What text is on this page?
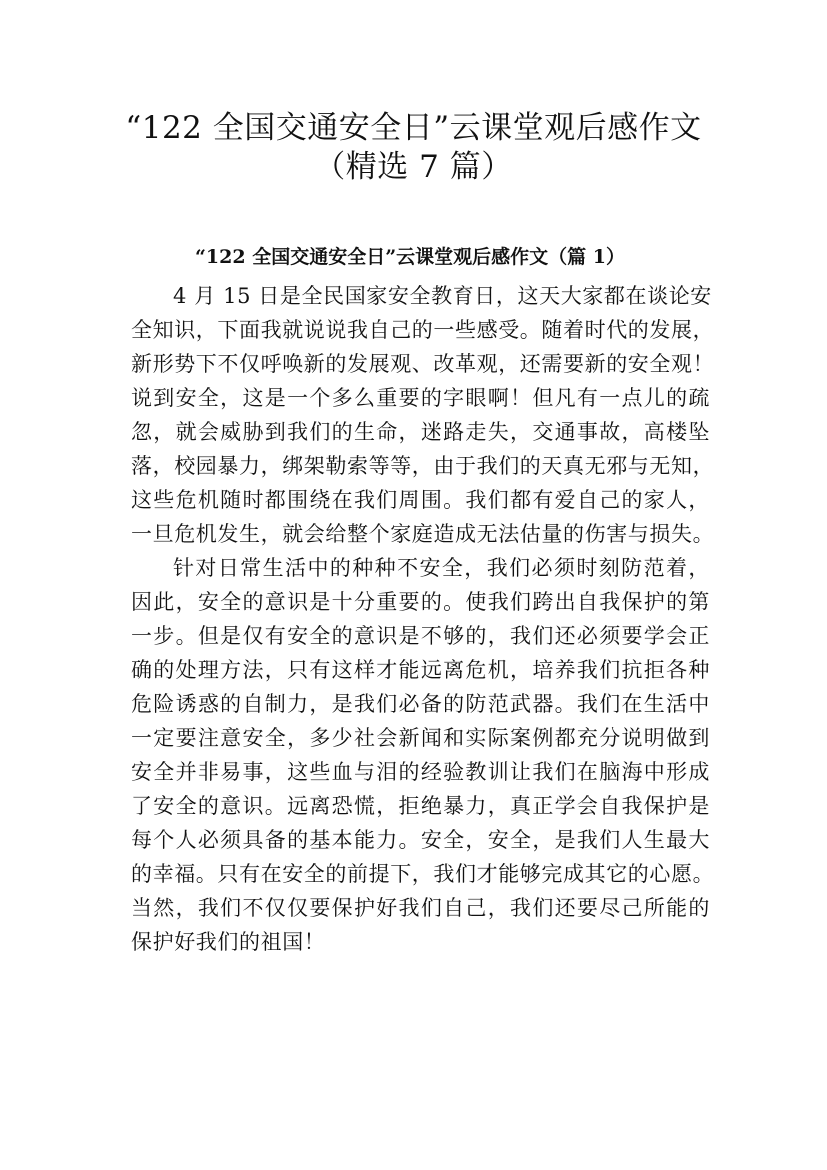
“122 全国交通安全日”云课堂观后感作文
（精选 7 篇）
“122 全国交通安全日”云课堂观后感作文（篇 1）
4 月 15 日是全民国家安全教育日，这天大家都在谈论安
全知识，下面我就说说我自己的一些感受。随着时代的发展，
新形势下不仅呼唤新的发展观、改革观，还需要新的安全观！
说到安全，这是一个多么重要的字眼啊！但凡有一点儿的疏
忽，就会威胁到我们的生命，迷路走失，交通事故，高楼坠
落，校园暴力，绑架勒索等等，由于我们的天真无邪与无知，
这些危机随时都围绕在我们周围。我们都有爱自己的家人，
一旦危机发生，就会给整个家庭造成无法估量的伤害与损失。
针对日常生活中的种种不安全，我们必须时刻防范着，
因此，安全的意识是十分重要的。使我们跨出自我保护的第
一步。但是仅有安全的意识是不够的，我们还必须要学会正
确的处理方法，只有这样才能远离危机，培养我们抗拒各种
危险诱惑的自制力，是我们必备的防范武器。我们在生活中
一定要注意安全，多少社会新闻和实际案例都充分说明做到
安全并非易事，这些血与泪的经验教训让我们在脑海中形成
了安全的意识。远离恐慌，拒绝暴力，真正学会自我保护是
每个人必须具备的基本能力。安全，安全，是我们人生最大
的幸福。只有在安全的前提下，我们才能够完成其它的心愿。
当然，我们不仅仅要保护好我们自己，我们还要尽己所能的
保护好我们的祖国！
